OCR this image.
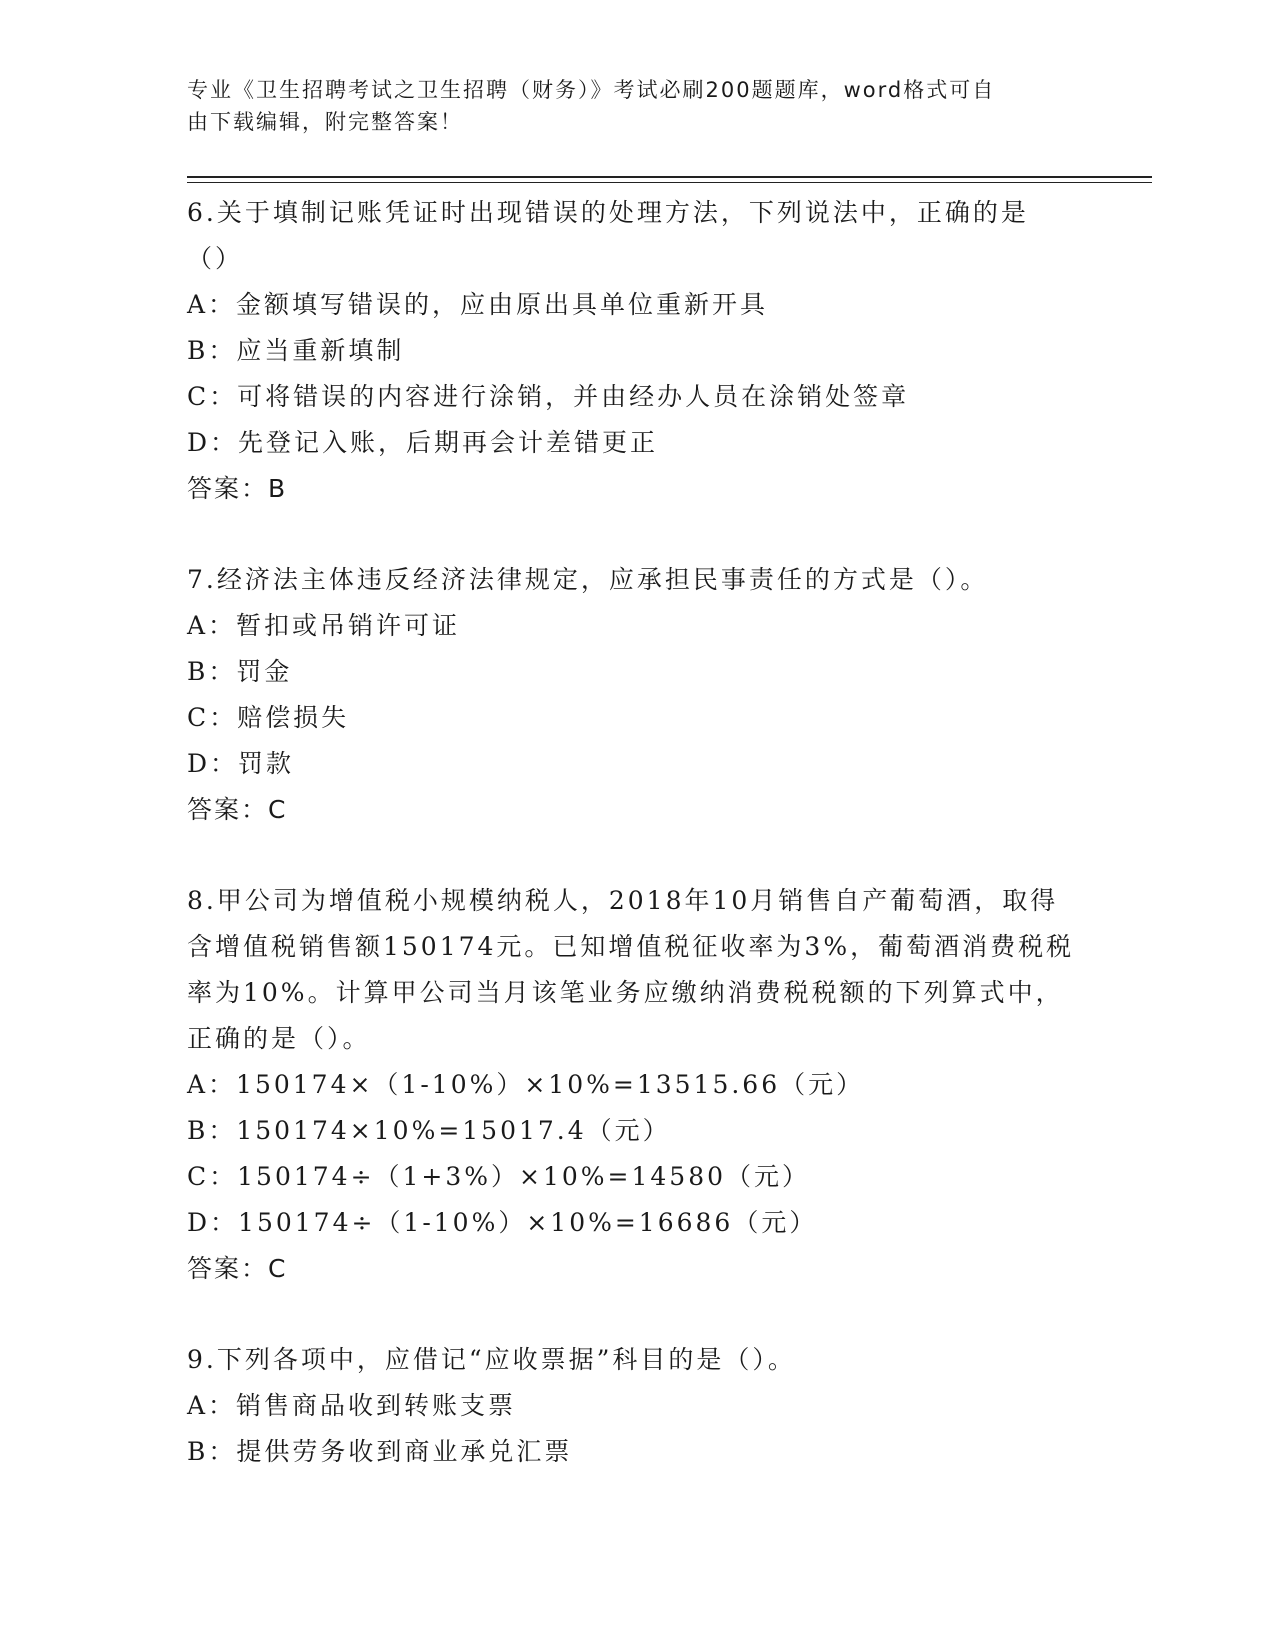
专业《卫生招聘考试之卫生招聘（财务）》考试必刷200题题库，word格式可自
由下载编辑，附完整答案！
6.关于填制记账凭证时出现错误的处理方法，下列说法中，正确的是
（）
A：金额填写错误的，应由原出具单位重新开具
B：应当重新填制
C：可将错误的内容进行涂销，并由经办人员在涂销处签章
D：先登记入账，后期再会计差错更正
答案：B
7.经济法主体违反经济法律规定，应承担民事责任的方式是（）。
A：暂扣或吊销许可证
B：罚金
C：赔偿损失
D：罚款
答案：C
8.甲公司为增值税小规模纳税人，2018年10月销售自产葡萄酒，取得
含增值税销售额150174元。已知增值税征收率为3%，葡萄酒消费税税
率为10%。计算甲公司当月该笔业务应缴纳消费税税额的下列算式中，
正确的是（）。
A：150174×（1-10%）×10%=13515.66（元）
B：150174×10%=15017.4（元）
C：150174÷（1+3%）×10%=14580（元）
D：150174÷（1-10%）×10%=16686（元）
答案：C
9.下列各项中，应借记“应收票据”科目的是（）。
A：销售商品收到转账支票
B：提供劳务收到商业承兑汇票
